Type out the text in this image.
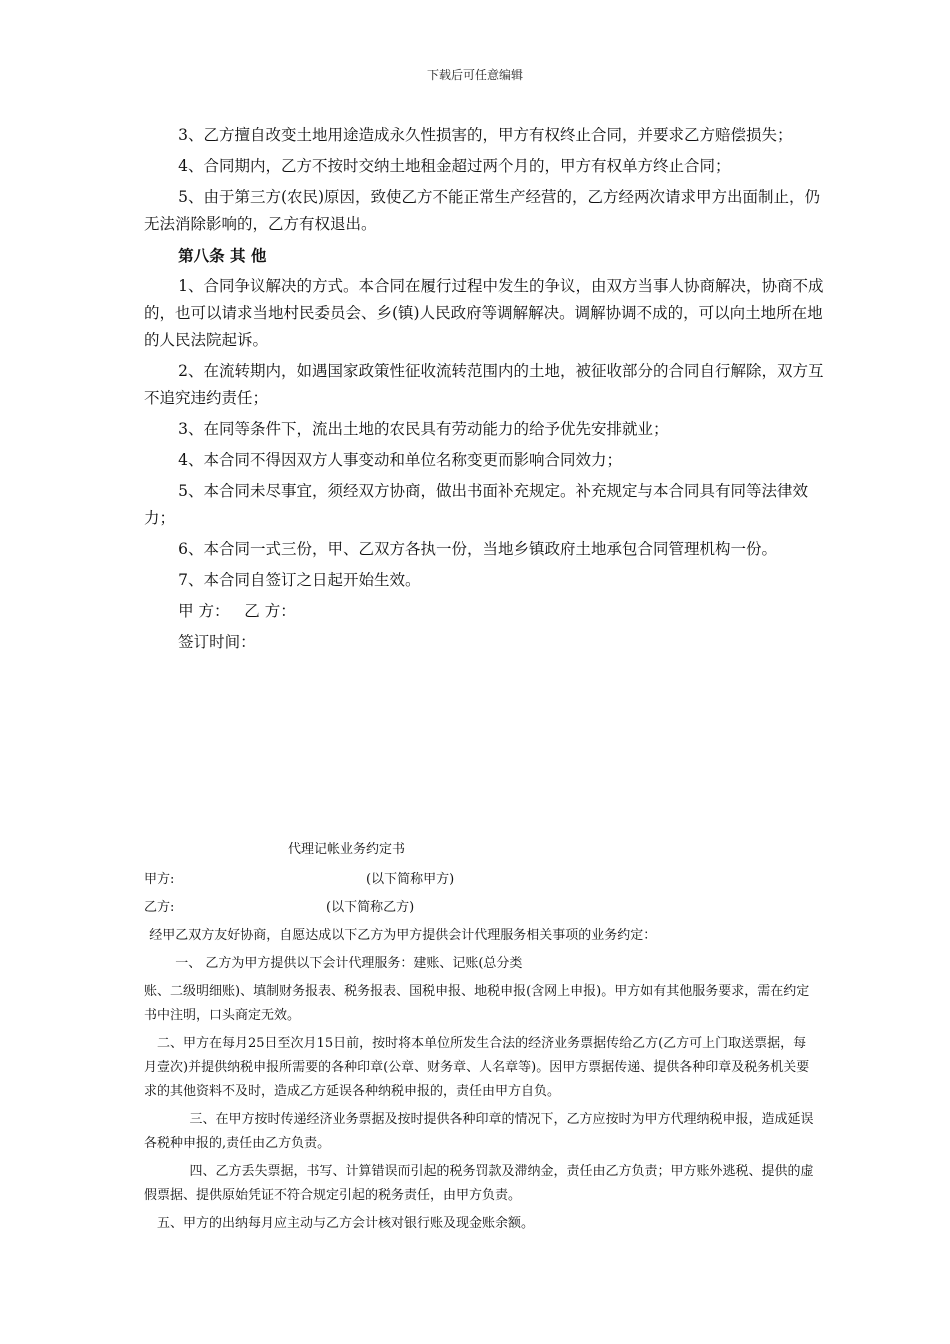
下载后可任意编辑

3、乙方擅自改变土地用途造成永久性损害的，甲方有权终止合同，并要求乙方赔偿损失；

4、合同期内，乙方不按时交纳土地租金超过两个月的，甲方有权单方终止合同；

5、由于第三方(农民)原因，致使乙方不能正常生产经营的，乙方经两次请求甲方出面制止，仍无法消除影响的，乙方有权退出。

第八条 其 他

1、合同争议解决的方式。本合同在履行过程中发生的争议，由双方当事人协商解决，协商不成的，也可以请求当地村民委员会、乡(镇)人民政府等调解解决。调解协调不成的，可以向土地所在地的人民法院起诉。

2、在流转期内，如遇国家政策性征收流转范围内的土地，被征收部分的合同自行解除，双方互不追究违约责任；

3、在同等条件下，流出土地的农民具有劳动能力的给予优先安排就业；

4、本合同不得因双方人事变动和单位名称变更而影响合同效力；

5、本合同未尽事宜，须经双方协商，做出书面补充规定。补充规定与本合同具有同等法律效力；

6、本合同一式三份，甲、乙双方各执一份，当地乡镇政府土地承包合同管理机构一份。

7、本合同自签订之日起开始生效。

甲 方：   乙 方：

签订时间：

代理记帐业务约定书
甲方:	(以下简称甲方)
乙方:	(以下简称乙方)

经甲乙双方友好协商，自愿达成以下乙方为甲方提供会计代理服务相关事项的业务约定：

一、 乙方为甲方提供以下会计代理服务：建账、记账(总分类

账、二级明细账)、填制财务报表、税务报表、国税申报、地税申报(含网上申报)。甲方如有其他服务要求，需在约定书中注明，口头商定无效。

二、甲方在每月25日至次月15日前，按时将本单位所发生合法的经济业务票据传给乙方(乙方可上门取送票据，每月壹次)并提供纳税申报所需要的各种印章(公章、财务章、人名章等)。因甲方票据传递、提供各种印章及税务机关要求的其他资料不及时，造成乙方延误各种纳税申报的，责任由甲方自负。

三、在甲方按时传递经济业务票据及按时提供各种印章的情况下，乙方应按时为甲方代理纳税申报，造成延误各税种申报的,责任由乙方负责。

四、乙方丢失票据，书写、计算错误而引起的税务罚款及滞纳金，责任由乙方负责；甲方账外逃税、提供的虚假票据、提供原始凭证不符合规定引起的税务责任，由甲方负责。

五、甲方的出纳每月应主动与乙方会计核对银行账及现金账余额。
